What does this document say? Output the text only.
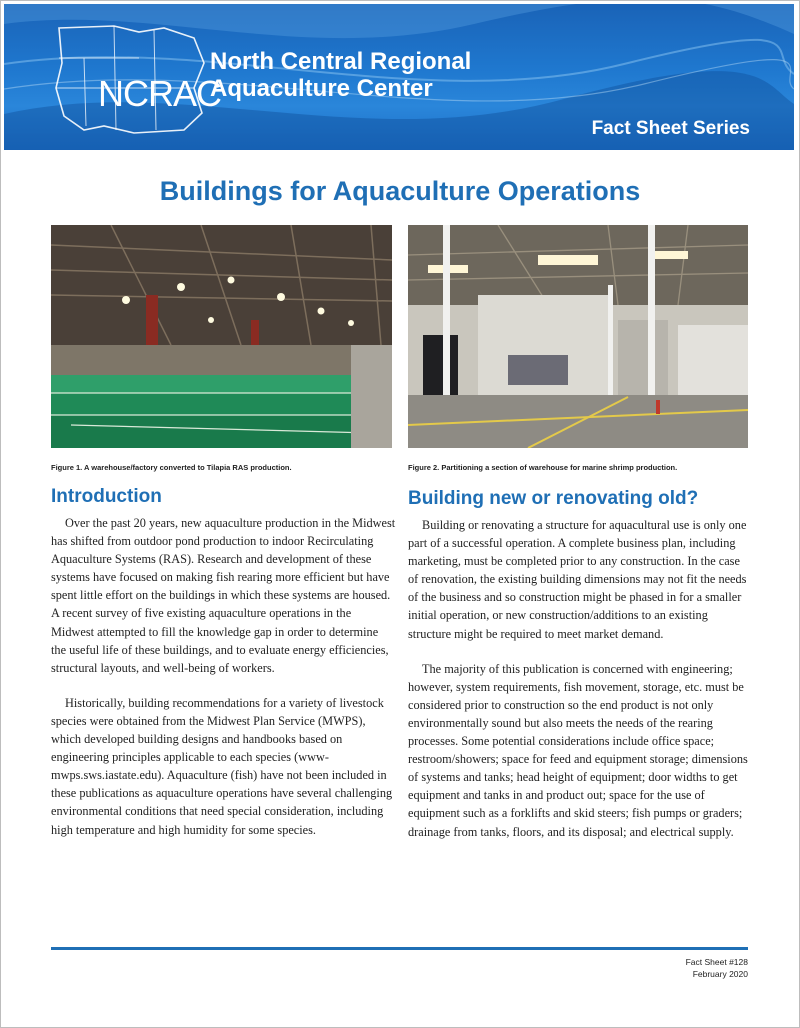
NCRAC
North Central Regional
Aquaculture Center
Fact Sheet Series
Buildings for Aquaculture Operations
Figure 1. A warehouse/factory converted to Tilapia RAS production.	Figure 2. Partitioning a section of warehouse for marine shrimp production.
Introduction

Over the past 20 years, new aquaculture production in the Midwest has shifted from outdoor pond production to indoor Recirculating Aquaculture Systems (RAS). Research and development of these systems have focused on making fish rearing more efficient but have spent little effort on the buildings in which these systems are housed. A recent survey of five existing aquaculture operations in the Midwest attempted to fill the knowledge gap in order to determine the useful life of these buildings, and to evaluate energy efficiencies, structural layouts, and well-being of workers.

Historically, building recommendations for a variety of livestock species were obtained from the Midwest Plan Service (MWPS), which developed building designs and handbooks based on engineering principles applicable to each species (www-mwps.sws.iastate.edu). Aquaculture (fish) have not been included in these publications as aquaculture operations have several challenging environmental conditions that need special consideration, including high temperature and high humidity for some species.

Building new or renovating old?

Building or renovating a structure for aquacultural use is only one part of a successful operation. A complete business plan, including marketing, must be completed prior to any construction. In the case of renovation, the existing building dimensions may not fit the needs of the business and so construction might be phased in for a smaller initial operation, or new construction/additions to an existing structure might be required to meet market demand.

The majority of this publication is concerned with engineering; however, system requirements, fish movement, storage, etc. must be considered prior to construction so the end product is not only environmentally sound but also meets the needs of the rearing processes. Some potential considerations include office space; restroom/showers; space for feed and equipment storage; dimensions of systems and tanks; head height of equipment; door widths to get equipment and tanks in and product out; space for the use of equipment such as a forklifts and skid steers; fish pumps or graders; drainage from tanks, floors, and its disposal; and electrical supply.

Fact Sheet #128
February 2020
